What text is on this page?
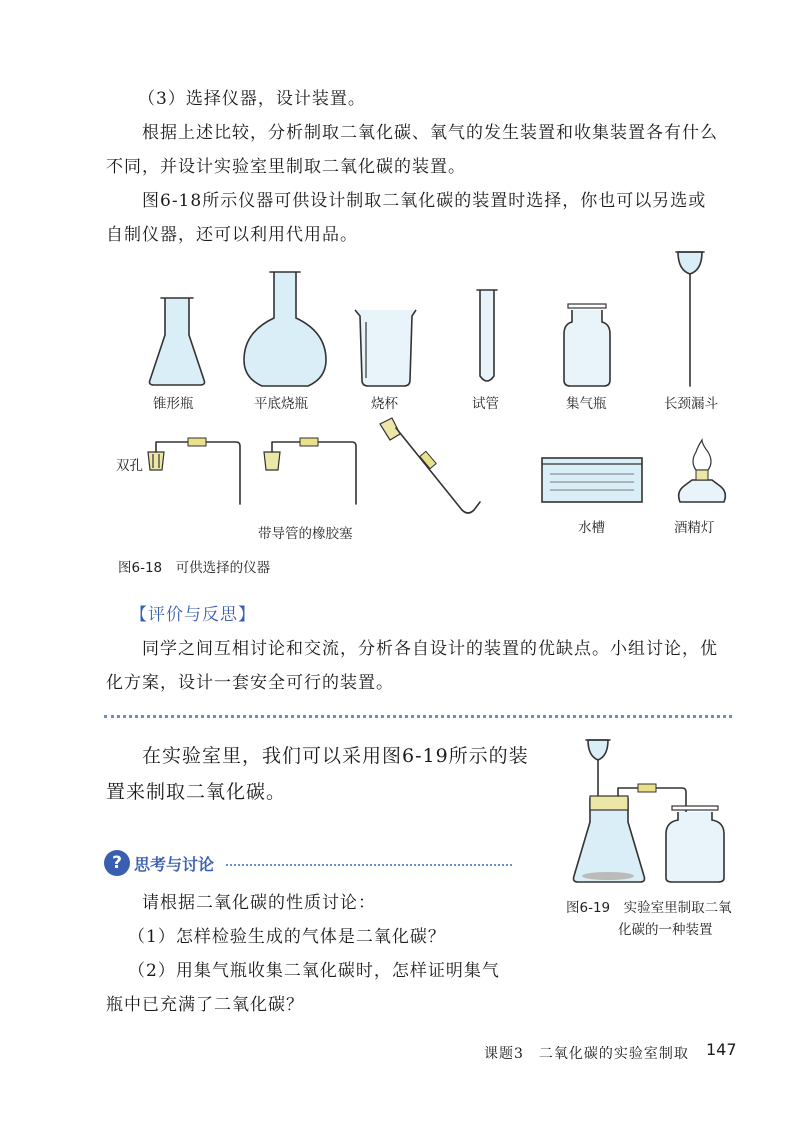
（3）选择仪器，设计装置。
根据上述比较，分析制取二氧化碳、氧气的发生装置和收集装置各有什么
不同，并设计实验室里制取二氧化碳的装置。
图6-18所示仪器可供设计制取二氧化碳的装置时选择，你也可以另选或
自制仪器，还可以利用代用品。
锥形瓶	平底烧瓶	烧杯	试管	集气瓶	长颈漏斗
双孔
带导管的橡胶塞	水槽	酒精灯
图6-18　可供选择的仪器
【评价与反思】
同学之间互相讨论和交流，分析各自设计的装置的优缺点。小组讨论，优
化方案，设计一套安全可行的装置。
在实验室里，我们可以采用图6-19所示的装
置来制取二氧化碳。
? 思考与讨论
请根据二氧化碳的性质讨论：
（1）怎样检验生成的气体是二氧化碳？
（2）用集气瓶收集二氧化碳时，怎样证明集气
瓶中已充满了二氧化碳？
图6-19　实验室里制取二氧
化碳的一种装置
课题3　二氧化碳的实验室制取 147
